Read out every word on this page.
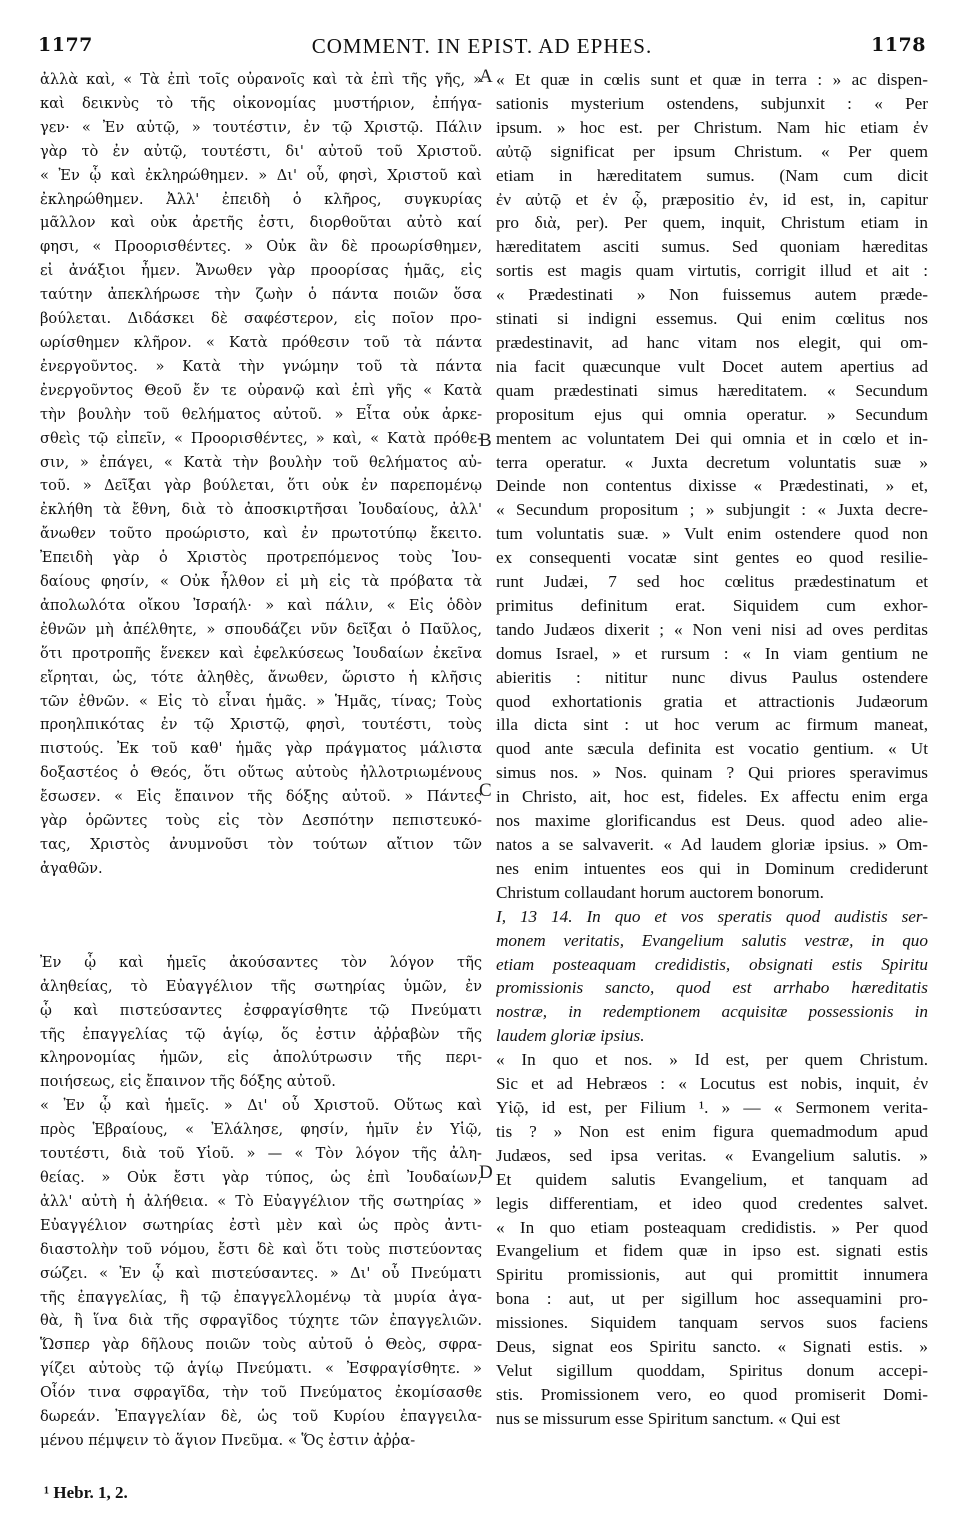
1177	COMMENT. IN EPIST. AD EPHES.	1178
ἀλλὰ καὶ, « Τὰ ἐπὶ τοῖς οὐρανοῖς καὶ τὰ ἐπὶ τῆς γῆς, »
καὶ δεικνὺς τὸ τῆς οἰκονομίας μυστήριον, ἐπήγα-
γεν· « Ἐν αὐτῷ, » τουτέστιν, ἐν τῷ Χριστῷ. Πάλιν
γὰρ τὸ ἐν αὐτῷ, τουτέστι, δι' αὐτοῦ τοῦ Χριστοῦ.
« Ἐν ᾧ καὶ ἐκληρώθημεν. » Δι' οὗ, φησὶ, Χριστοῦ καὶ
ἐκληρώθημεν. Ἀλλ' ἐπειδὴ ὁ κλῆρος, συγκυρίας
μᾶλλον καὶ οὐκ ἀρετῆς ἐστι, διορθοῦται αὐτὸ καί
φησι, « Προορισθέντες. » Οὐκ ἂν δὲ προωρίσθημεν,
εἰ ἀνάξιοι ἦμεν. Ἄνωθεν γὰρ προορίσας ἡμᾶς, εἰς
ταύτην ἀπεκλήρωσε τὴν ζωὴν ὁ πάντα ποιῶν ὅσα
βούλεται. Διδάσκει δὲ σαφέστερον, εἰς ποῖον προ-
ωρίσθημεν κλῆρον. « Κατὰ πρόθεσιν τοῦ τὰ πάντα
ἐνεργοῦντος. » Κατὰ τὴν γνώμην τοῦ τὰ πάντα
ἐνεργοῦντος Θεοῦ ἔν τε οὐρανῷ καὶ ἐπὶ γῆς « Κατὰ
τὴν βουλὴν τοῦ θελήματος αὐτοῦ. » Εἶτα οὐκ ἀρκε-
σθεὶς τῷ εἰπεῖν, « Προορισθέντες, » καὶ, « Κατὰ πρόθε-
σιν, » ἐπάγει, « Κατὰ τὴν βουλὴν τοῦ θελήματος αὐ-
τοῦ. » Δεῖξαι γὰρ βούλεται, ὅτι οὐκ ἐν παρεπομένῳ
ἐκλήθη τὰ ἔθνη, διὰ τὸ ἀποσκιρτῆσαι Ἰουδαίους, ἀλλ'
ἄνωθεν τοῦτο προώριστο, καὶ ἐν πρωτοτύπῳ ἔκειτο.
Ἐπειδὴ γὰρ ὁ Χριστὸς προτρεπόμενος τοὺς Ἰου-
δαίους φησίν, « Οὐκ ἦλθον εἰ μὴ εἰς τὰ πρόβατα τὰ
ἀπολωλότα οἴκου Ἰσραήλ· » καὶ πάλιν, « Εἰς ὁδὸν
ἐθνῶν μὴ ἀπέλθητε, » σπουδάζει νῦν δεῖξαι ὁ Παῦλος,
ὅτι προτροπῆς ἕνεκεν καὶ ἐφελκύσεως Ἰουδαίων ἐκεῖνα
εἴρηται, ὡς, τότε ἀληθὲς, ἄνωθεν, ὥριστο ἡ κλῆσις
τῶν ἐθνῶν. « Εἰς τὸ εἶναι ἡμᾶς. » Ἡμᾶς, τίνας; Τοὺς
προηλπικότας ἐν τῷ Χριστῷ, φησὶ, τουτέστι, τοὺς
πιστούς. Ἐκ τοῦ καθ' ἡμᾶς γὰρ πράγματος μάλιστα
δοξαστέος ὁ Θεός, ὅτι οὕτως αὐτοὺς ἠλλοτριωμένους
ἔσωσεν. « Εἰς ἔπαινον τῆς δόξης αὐτοῦ. » Πάντες
γὰρ ὁρῶντες τοὺς εἰς τὸν Δεσπότην πεπιστευκό-
τας, Χριστὸς ἀνυμνοῦσι τὸν τούτων αἴτιον τῶν
ἀγαθῶν.
Ἐν ᾧ καὶ ἡμεῖς ἀκούσαντες τὸν λόγον τῆς
ἀληθείας, τὸ Εὐαγγέλιον τῆς σωτηρίας ὑμῶν, ἐν
ᾧ καὶ πιστεύσαντες ἐσφραγίσθητε τῷ Πνεύματι
τῆς ἐπαγγελίας τῷ ἁγίῳ, ὅς ἐστιν ἀῤῥαβὼν τῆς
κληρονομίας ἡμῶν, εἰς ἀπολύτρωσιν τῆς περι-
ποιήσεως, εἰς ἔπαινον τῆς δόξης αὐτοῦ.
« Ἐν ᾧ καὶ ἡμεῖς. » Δι' οὗ Χριστοῦ. Οὕτως καὶ
πρὸς Ἑβραίους, « Ἐλάλησε, φησίν, ἡμῖν ἐν Υἱῷ,
τουτέστι, διὰ τοῦ Υἱοῦ. » — « Τὸν λόγον τῆς ἀλη-
θείας. » Οὐκ ἔστι γὰρ τύπος, ὡς ἐπὶ Ἰουδαίων,
ἀλλ' αὐτὴ ἡ ἀλήθεια. « Τὸ Εὐαγγέλιον τῆς σωτηρίας »
Εὐαγγέλιον σωτηρίας ἐστὶ μὲν καὶ ὡς πρὸς ἀντι-
διαστολὴν τοῦ νόμου, ἔστι δὲ καὶ ὅτι τοὺς πιστεύοντας
σώζει. « Ἐν ᾧ καὶ πιστεύσαντες. » Δι' οὗ Πνεύματι
τῆς ἐπαγγελίας, ἢ τῷ ἐπαγγελλομένῳ τὰ μυρία ἀγα-
θὰ, ἢ ἵνα διὰ τῆς σφραγῖδος τύχητε τῶν ἐπαγγελιῶν.
Ὥσπερ γὰρ δῆλους ποιῶν τοὺς αὐτοῦ ὁ Θεὸς, σφρα-
γίζει αὐτοὺς τῷ ἁγίῳ Πνεύματι. « Ἐσφραγίσθητε. »
Οἷόν τινα σφραγῖδα, τὴν τοῦ Πνεύματος ἐκομίσασθε
δωρεάν. Ἐπαγγελίαν δὲ, ὡς τοῦ Κυρίου ἐπαγγειλα-
μένου πέμψειν τὸ ἅγιον Πνεῦμα. « Ὅς ἐστιν ἀῤῥα-
« Et quæ in cœlis sunt et quæ in terra : » ac dispen-
sationis mysterium ostendens, subjunxit : « Per
ipsum. » hoc est. per Christum. Nam hic etiam ἐν
αὐτῷ significat per ipsum Christum. « Per quem
etiam in hæreditatem sumus. (Nam cum dicit
ἐν αὐτῷ et ἐν ᾧ, præpositio ἐν, id est, in, capitur
pro διὰ, per). Per quem, inquit, Christum etiam in
hæreditatem asciti sumus. Sed quoniam hæreditas
sortis est magis quam virtutis, corrigit illud et ait :
« Prædestinati » Non fuissemus autem præde-
stinati si indigni essemus. Qui enim cœlitus nos
prædestinavit, ad hanc vitam nos elegit, qui om-
nia facit quæcunque vult Docet autem apertius ad
quam prædestinati simus hæreditatem. « Secundum
propositum ejus qui omnia operatur. » Secundum
mentem ac voluntatem Dei qui omnia et in cœlo et in-
terra operatur. « Juxta decretum voluntatis suæ »
Deinde non contentus dixisse « Prædestinati, » et,
« Secundum propositum ; » subjungit : « Juxta decre-
tum voluntatis suæ. » Vult enim ostendere quod non
ex consequenti vocatæ sint gentes eo quod resilie-
runt Judæi, 7 sed hoc cœlitus prædestinatum et
primitus definitum erat. Siquidem cum exhor-
tando Judæos dixerit ; « Non veni nisi ad oves perditas
domus Israel, » et rursum : « In viam gentium ne
abieritis : nititur nunc divus Paulus ostendere
quod exhortationis gratia et attractionis Judæorum
illa dicta sint : ut hoc verum ac firmum maneat,
quod ante sæcula definita est vocatio gentium. « Ut
simus nos. » Nos. quinam ? Qui priores speravimus
in Christo, ait, hoc est, fideles. Ex affectu enim erga
nos maxime glorificandus est Deus. quod adeo alie-
natos a se salvaverit. « Ad laudem gloriæ ipsius. » Om-
nes enim intuentes eos qui in Dominum crediderunt
Christum collaudant horum auctorem bonorum.
I, 13 14. In quo et vos speratis quod audistis ser-
monem veritatis, Evangelium salutis vestræ, in quo
etiam posteaquam credidistis, obsignati estis Spiritu
promissionis sancto, quod est arrhabo hæreditatis
nostræ, in redemptionem acquisitæ possessionis in
laudem gloriæ ipsius.
« In quo et nos. » Id est, per quem Christum.
Sic et ad Hebræos : « Locutus est nobis, inquit, ἐν
Υἱῷ, id est, per Filium ¹. » — « Sermonem verita-
tis ? » Non est enim figura quemadmodum apud
Judæos, sed ipsa veritas. « Evangelium salutis. »
Et quidem salutis Evangelium, et tanquam ad
legis differentiam, et ideo quod credentes salvet.
« In quo etiam posteaquam credidistis. » Per quod
Evangelium et fidem quæ in ipso est. signati estis
Spiritu promissionis, aut qui promittit innumera
bona : aut, ut per sigillum hoc assequamini pro-
missiones. Siquidem tanquam servos suos faciens
Deus, signat eos Spiritu sancto. « Signati estis. »
Velut sigillum quoddam, Spiritus donum accepi-
stis. Promissionem vero, eo quod promiserit Domi-
nus se missurum esse Spiritum sanctum. « Qui est
A
B
C
D
¹ Hebr. 1, 2.
